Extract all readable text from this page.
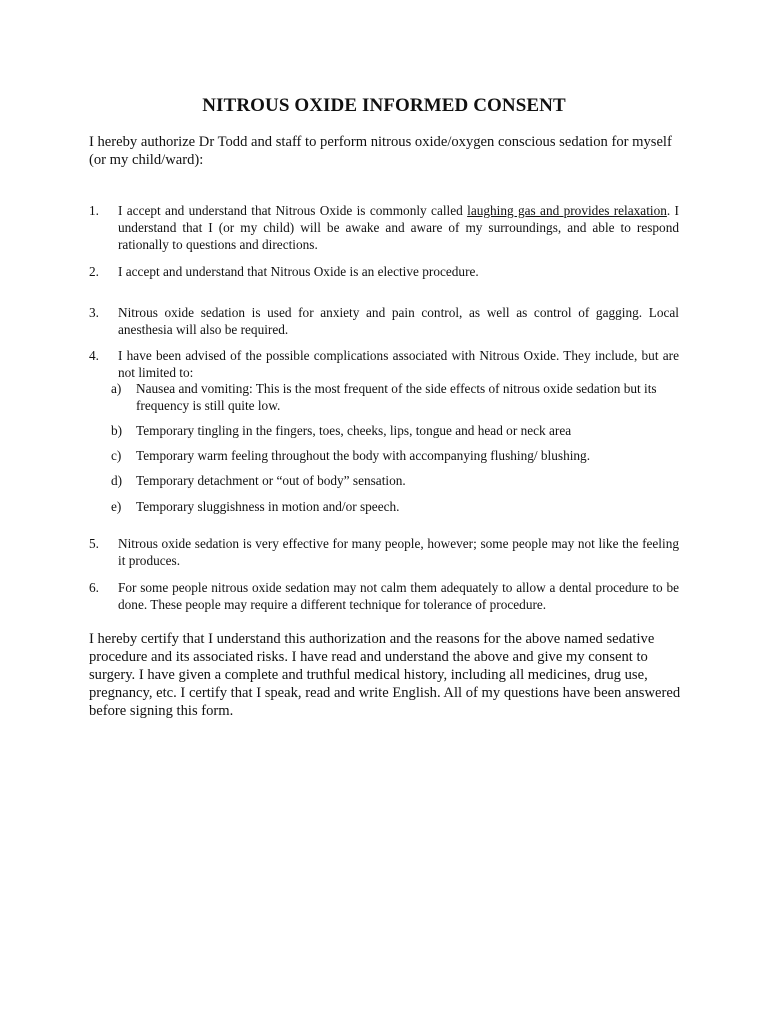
NITROUS OXIDE INFORMED CONSENT
I hereby authorize Dr Todd and staff to perform nitrous oxide/oxygen conscious sedation for myself (or my child/ward):
1. I accept and understand that Nitrous Oxide is commonly called laughing gas and provides relaxation. I understand that I (or my child) will be awake and aware of my surroundings, and able to respond rationally to questions and directions.
2. I accept and understand that Nitrous Oxide is an elective procedure.
3. Nitrous oxide sedation is used for anxiety and pain control, as well as control of gagging. Local anesthesia will also be required.
4. I have been advised of the possible complications associated with Nitrous Oxide. They include, but are not limited to:
a) Nausea and vomiting: This is the most frequent of the side effects of nitrous oxide sedation but its frequency is still quite low.
b) Temporary tingling in the fingers, toes, cheeks, lips, tongue and head or neck area
c) Temporary warm feeling throughout the body with accompanying flushing/ blushing.
d) Temporary detachment or “out of body” sensation.
e) Temporary sluggishness in motion and/or speech.
5. Nitrous oxide sedation is very effective for many people, however; some people may not like the feeling it produces.
6. For some people nitrous oxide sedation may not calm them adequately to allow a dental procedure to be done. These people may require a different technique for tolerance of procedure.
I hereby certify that I understand this authorization and the reasons for the above named sedative procedure and its associated risks. I have read and understand the above and give my consent to surgery. I have given a complete and truthful medical history, including all medicines, drug use, pregnancy, etc. I certify that I speak, read and write English. All of my questions have been answered before signing this form.
